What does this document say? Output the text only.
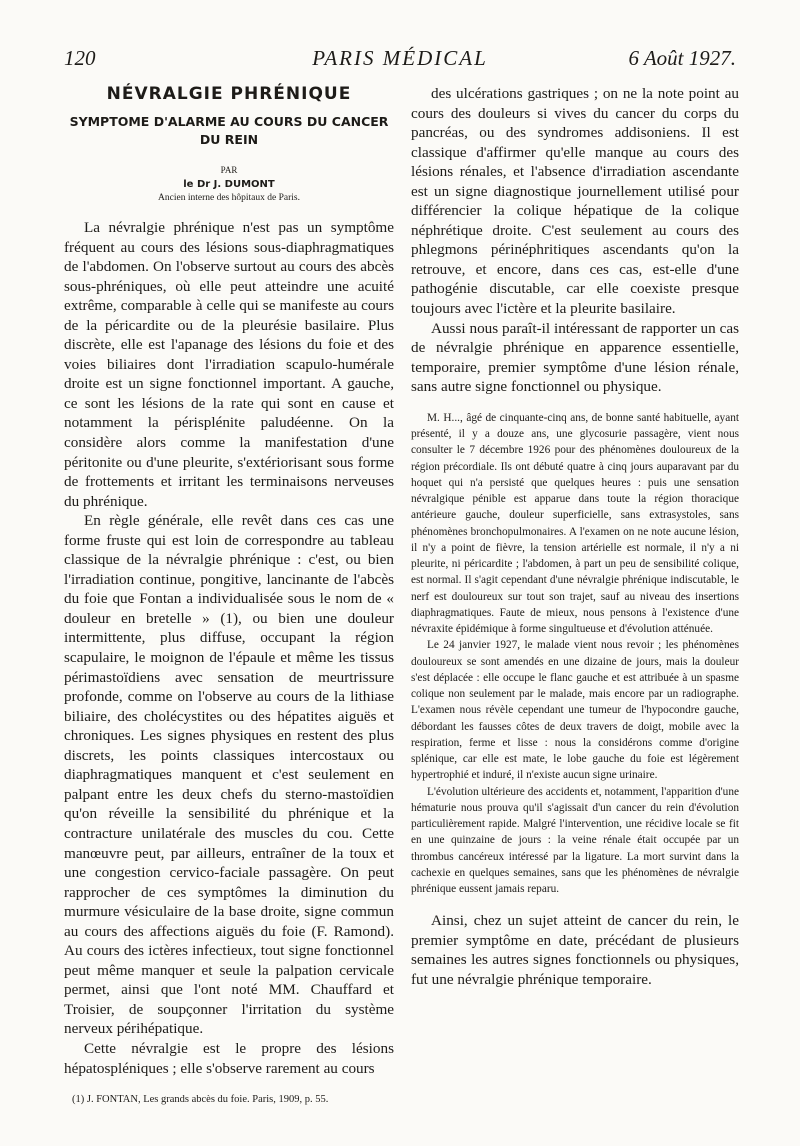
120	PARIS MÉDICAL	6 Août 1927.
NÉVRALGIE PHRÉNIQUE
SYMPTOME D'ALARME AU COURS DU CANCER DU REIN
PAR
le Dr J. DUMONT
Ancien interne des hôpitaux de Paris.

La névralgie phrénique n'est pas un symptôme fréquent au cours des lésions sous-diaphragmatiques de l'abdomen. On l'observe surtout au cours des abcès sous-phréniques, où elle peut atteindre une acuité extrême, comparable à celle qui se manifeste au cours de la péricardite ou de la pleurésie basilaire. Plus discrète, elle est l'apanage des lésions du foie et des voies biliaires dont l'irradiation scapulo-humérale droite est un signe fonctionnel important. A gauche, ce sont les lésions de la rate qui sont en cause et notamment la périsplénite paludéenne. On la considère alors comme la manifestation d'une péritonite ou d'une pleurite, s'extériorisant sous forme de frottements et irritant les terminaisons nerveuses du phrénique.

En règle générale, elle revêt dans ces cas une forme fruste qui est loin de correspondre au tableau classique de la névralgie phrénique : c'est, ou bien l'irradiation continue, pongitive, lancinante de l'abcès du foie que Fontan a individualisée sous le nom de « douleur en bretelle » (1), ou bien une douleur intermittente, plus diffuse, occupant la région scapulaire, le moignon de l'épaule et même les tissus périmastoïdiens avec sensation de meurtrissure profonde, comme on l'observe au cours de la lithiase biliaire, des cholécystites ou des hépatites aiguës et chroniques. Les signes physiques en restent des plus discrets, les points classiques intercostaux ou diaphragmatiques manquent et c'est seulement en palpant entre les deux chefs du sterno-mastoïdien qu'on réveille la sensibilité du phrénique et la contracture unilatérale des muscles du cou. Cette manœuvre peut, par ailleurs, entraîner de la toux et une congestion cervico-faciale passagère. On peut rapprocher de ces symptômes la diminution du murmure vésiculaire de la base droite, signe commun au cours des affections aiguës du foie (F. Ramond). Au cours des ictères infectieux, tout signe fonctionnel peut même manquer et seule la palpation cervicale permet, ainsi que l'ont noté MM. Chauffard et Troisier, de soupçonner l'irritation du système nerveux périhépatique.

Cette névralgie est le propre des lésions hépatospléniques ; elle s'observe rarement au cours

(1) J. FONTAN, Les grands abcès du foie. Paris, 1909, p. 55.

des ulcérations gastriques ; on ne la note point au cours des douleurs si vives du cancer du corps du pancréas, ou des syndromes addisoniens. Il est classique d'affirmer qu'elle manque au cours des lésions rénales, et l'absence d'irradiation ascendante est un signe diagnostique journellement utilisé pour différencier la colique hépatique de la colique néphrétique droite. C'est seulement au cours des phlegmons périnéphritiques ascendants qu'on la retrouve, et encore, dans ces cas, est-elle d'une pathogénie discutable, car elle coexiste presque toujours avec l'ictère et la pleurite basilaire.

Aussi nous paraît-il intéressant de rapporter un cas de névralgie phrénique en apparence essentielle, temporaire, premier symptôme d'une lésion rénale, sans autre signe fonctionnel ou physique.

M. H..., âgé de cinquante-cinq ans, de bonne santé habituelle, ayant présenté, il y a douze ans, une glycosurie passagère, vient nous consulter le 7 décembre 1926 pour des phénomènes douloureux de la région précordiale. Ils ont débuté quatre à cinq jours auparavant par du hoquet qui n'a persisté que quelques heures : puis une sensation névralgique pénible est apparue dans toute la région thoracique antérieure gauche, douleur superficielle, sans extrasystoles, sans phénomènes bronchopulmonaires. A l'examen on ne note aucune lésion, il n'y a point de fièvre, la tension artérielle est normale, il n'y a ni pleurite, ni péricardite ; l'abdomen, à part un peu de sensibilité colique, est normal. Il s'agit cependant d'une névralgie phrénique indiscutable, le nerf est douloureux sur tout son trajet, sauf au niveau des insertions diaphragmatiques. Faute de mieux, nous pensons à l'existence d'une névraxite épidémique à forme singultueuse et d'évolution atténuée.

Le 24 janvier 1927, le malade vient nous revoir ; les phénomènes douloureux se sont amendés en une dizaine de jours, mais la douleur s'est déplacée : elle occupe le flanc gauche et est attribuée à un spasme colique non seulement par le malade, mais encore par un radiographe. L'examen nous révèle cependant une tumeur de l'hypocondre gauche, débordant les fausses côtes de deux travers de doigt, mobile avec la respiration, ferme et lisse : nous la considérons comme d'origine splénique, car elle est mate, le lobe gauche du foie est légèrement hypertrophié et induré, il n'existe aucun signe urinaire.

L'évolution ultérieure des accidents et, notamment, l'apparition d'une hématurie nous prouva qu'il s'agissait d'un cancer du rein d'évolution particulièrement rapide. Malgré l'intervention, une récidive locale se fit en une quinzaine de jours : la veine rénale était occupée par un thrombus cancéreux intéressé par la ligature. La mort survint dans la cachexie en quelques semaines, sans que les phénomènes de névralgie phrénique eussent jamais reparu.

Ainsi, chez un sujet atteint de cancer du rein, le premier symptôme en date, précédant de plusieurs semaines les autres signes fonctionnels ou physiques, fut une névralgie phrénique temporaire.
